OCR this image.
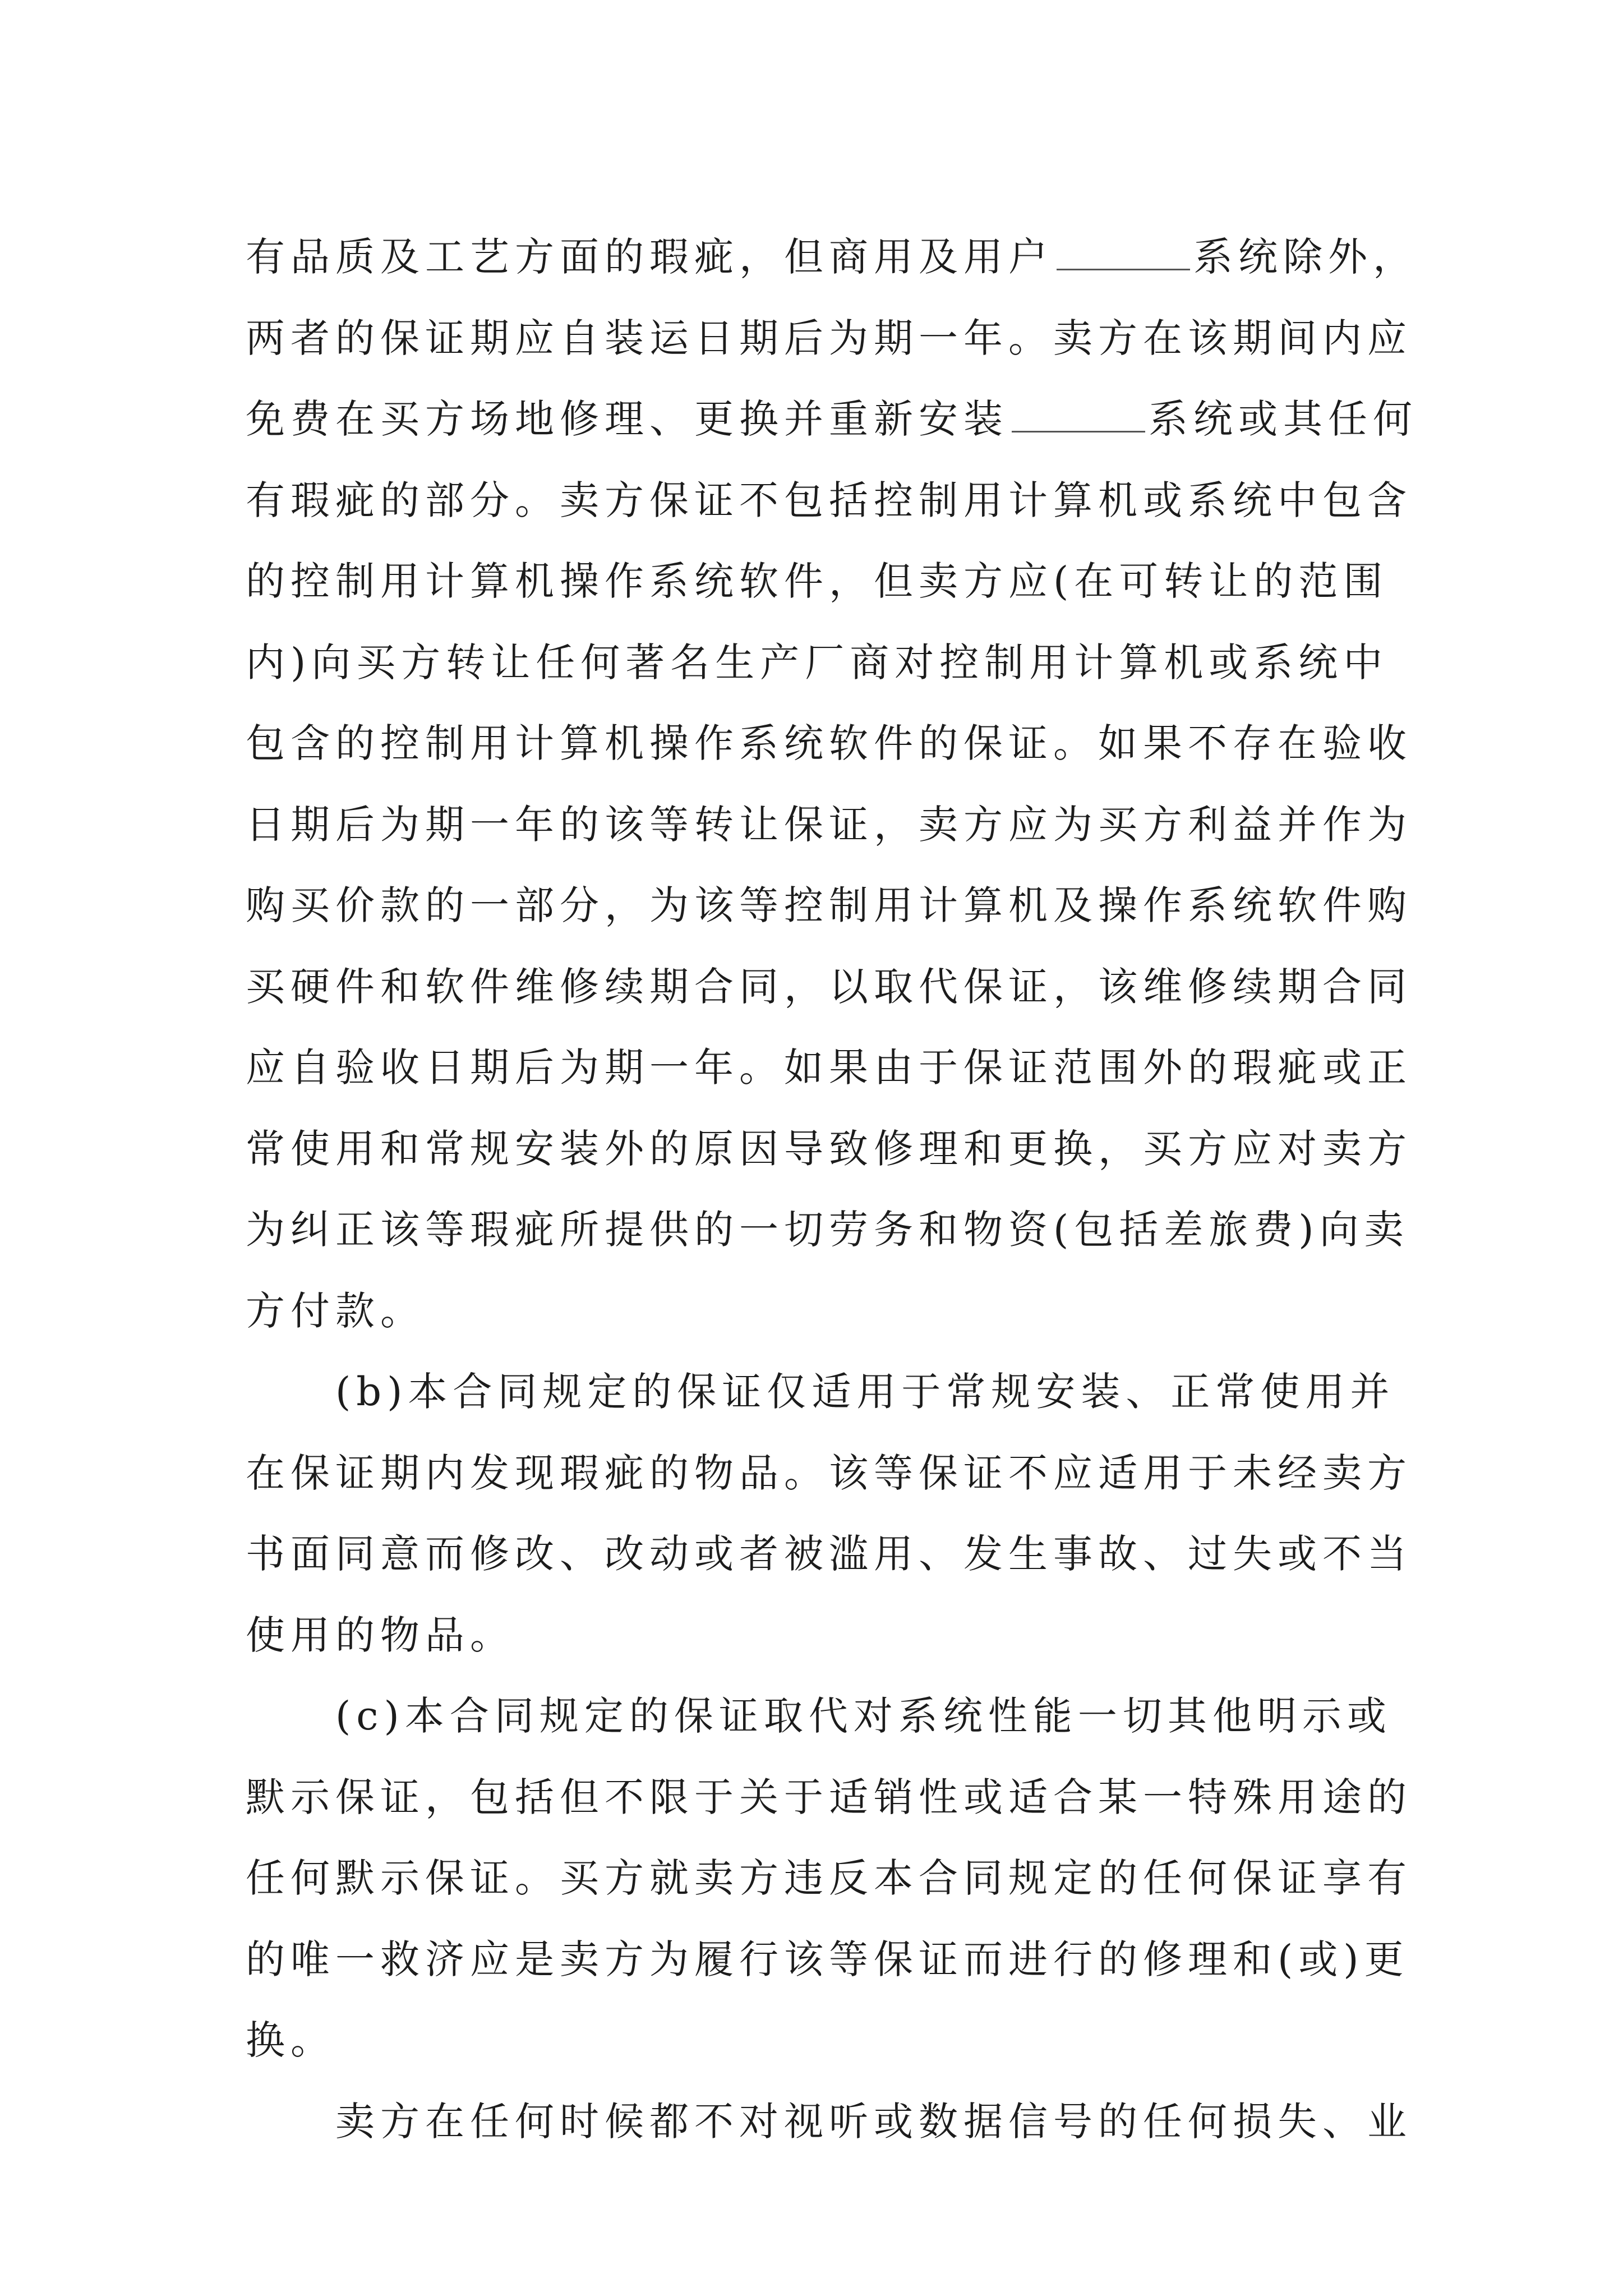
有品质及工艺方面的瑕疵，但商用及用户	系统除外，
两者的保证期应自装运日期后为期一年。卖方在该期间内应
免费在买方场地修理、更换并重新安装	系统或其任何
有瑕疵的部分。卖方保证不包括控制用计算机或系统中包含
的控制用计算机操作系统软件，但卖方应(在可转让的范围
内)向买方转让任何著名生产厂商对控制用计算机或系统中
包含的控制用计算机操作系统软件的保证。如果不存在验收
日期后为期一年的该等转让保证，卖方应为买方利益并作为
购买价款的一部分，为该等控制用计算机及操作系统软件购
买硬件和软件维修续期合同，以取代保证，该维修续期合同
应自验收日期后为期一年。如果由于保证范围外的瑕疵或正
常使用和常规安装外的原因导致修理和更换，买方应对卖方
为纠正该等瑕疵所提供的一切劳务和物资(包括差旅费)向卖
方付款。
(b)本合同规定的保证仅适用于常规安装、正常使用并
在保证期内发现瑕疵的物品。该等保证不应适用于未经卖方
书面同意而修改、改动或者被滥用、发生事故、过失或不当
使用的物品。
(c)本合同规定的保证取代对系统性能一切其他明示或
默示保证，包括但不限于关于适销性或适合某一特殊用途的
任何默示保证。买方就卖方违反本合同规定的任何保证享有
的唯一救济应是卖方为履行该等保证而进行的修理和(或)更
换。
卖方在任何时候都不对视听或数据信号的任何损失、业
